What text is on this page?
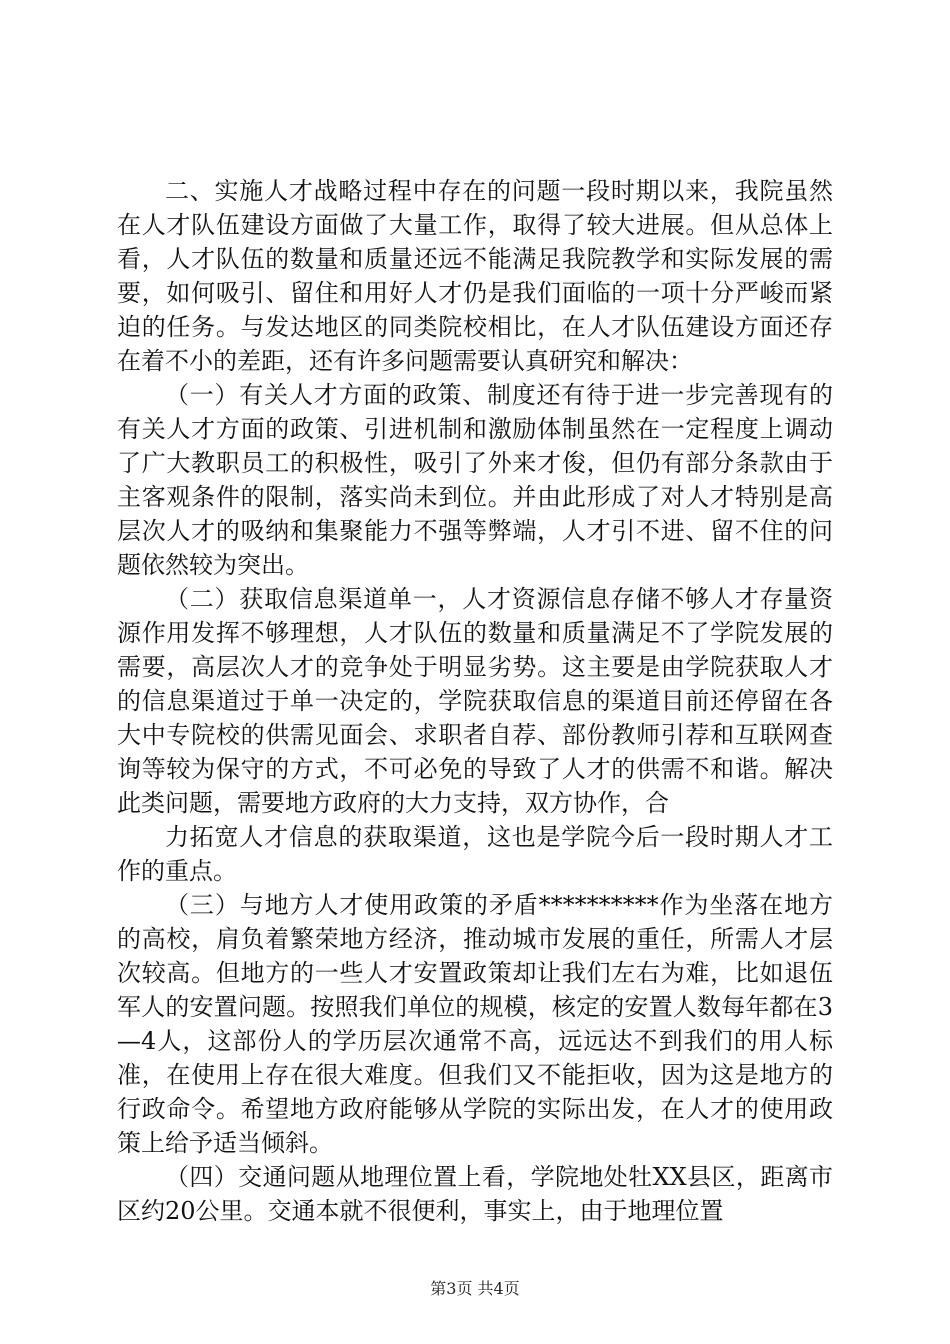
二、实施人才战略过程中存在的问题一段时期以来，我院虽然在人才队伍建设方面做了大量工作，取得了较大进展。但从总体上看，人才队伍的数量和质量还远不能满足我院教学和实际发展的需要，如何吸引、留住和用好人才仍是我们面临的一项十分严峻而紧迫的任务。与发达地区的同类院校相比，在人才队伍建设方面还存在着不小的差距，还有许多问题需要认真研究和解决：

（一）有关人才方面的政策、制度还有待于进一步完善现有的有关人才方面的政策、引进机制和激励体制虽然在一定程度上调动了广大教职员工的积极性，吸引了外来才俊，但仍有部分条款由于主客观条件的限制，落实尚未到位。并由此形成了对人才特别是高层次人才的吸纳和集聚能力不强等弊端，人才引不进、留不住的问题依然较为突出。

（二）获取信息渠道单一，人才资源信息存储不够人才存量资源作用发挥不够理想，人才队伍的数量和质量满足不了学院发展的需要，高层次人才的竞争处于明显劣势。这主要是由学院获取人才的信息渠道过于单一决定的，学院获取信息的渠道目前还停留在各大中专院校的供需见面会、求职者自荐、部份教师引荐和互联网查询等较为保守的方式，不可必免的导致了人才的供需不和谐。解决此类问题，需要地方政府的大力支持，双方协作，合

力拓宽人才信息的获取渠道，这也是学院今后一段时期人才工作的重点。

（三）与地方人才使用政策的矛盾**********作为坐落在地方的高校，肩负着繁荣地方经济，推动城市发展的重任，所需人才层次较高。但地方的一些人才安置政策却让我们左右为难，比如退伍军人的安置问题。按照我们单位的规模，核定的安置人数每年都在3—4人，这部份人的学历层次通常不高，远远达不到我们的用人标准，在使用上存在很大难度。但我们又不能拒收，因为这是地方的行政命令。希望地方政府能够从学院的实际出发，在人才的使用政策上给予适当倾斜。

（四）交通问题从地理位置上看，学院地处牡XX县区，距离市区约20公里。交通本就不很便利，事实上，由于地理位置

第3页 共4页
